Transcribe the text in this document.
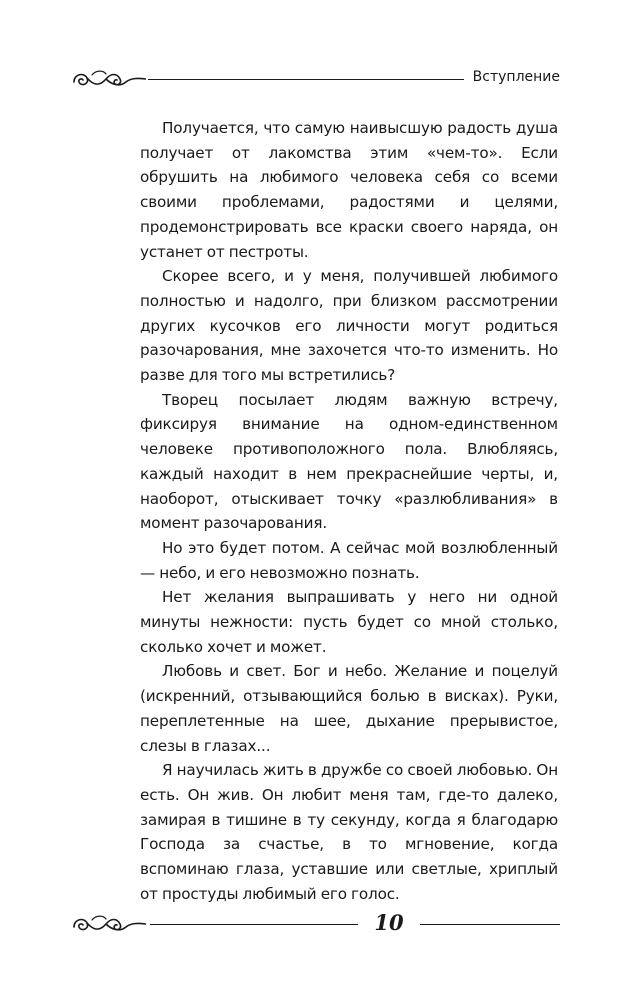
Вступление

Получается, что самую наивысшую радость душа получает от лакомства этим «чем-то». Если обрушить на любимого человека себя со всеми своими проблемами, радостями и целями, продемонстрировать все краски своего наряда, он устанет от пестроты.

Скорее всего, и у меня, получившей любимого полностью и надолго, при близком рассмотрении других кусочков его личности могут родиться разочарования, мне захочется что-то изменить. Но разве для того мы встретились?

Творец посылает людям важную встречу, фиксируя внимание на одном-единственном человеке противоположного пола. Влюбляясь, каждый находит в нем прекраснейшие черты, и, наоборот, отыскивает точку «разлюбливания» в момент разочарования.

Но это будет потом. А сейчас мой возлюбленный — небо, и его невозможно познать.

Нет желания выпрашивать у него ни одной минуты нежности: пусть будет со мной столько, сколько хочет и может.

Любовь и свет. Бог и небо. Желание и поцелуй (искренний, отзывающийся болью в висках). Руки, переплетенные на шее, дыхание прерывистое, слезы в глазах...

Я научилась жить в дружбе со своей любовью. Он есть. Он жив. Он любит меня там, где-то далеко, замирая в тишине в ту секунду, когда я благодарю Господа за счастье, в то мгновение, когда вспоминаю глаза, уставшие или светлые, хриплый от простуды любимый его голос.

10
